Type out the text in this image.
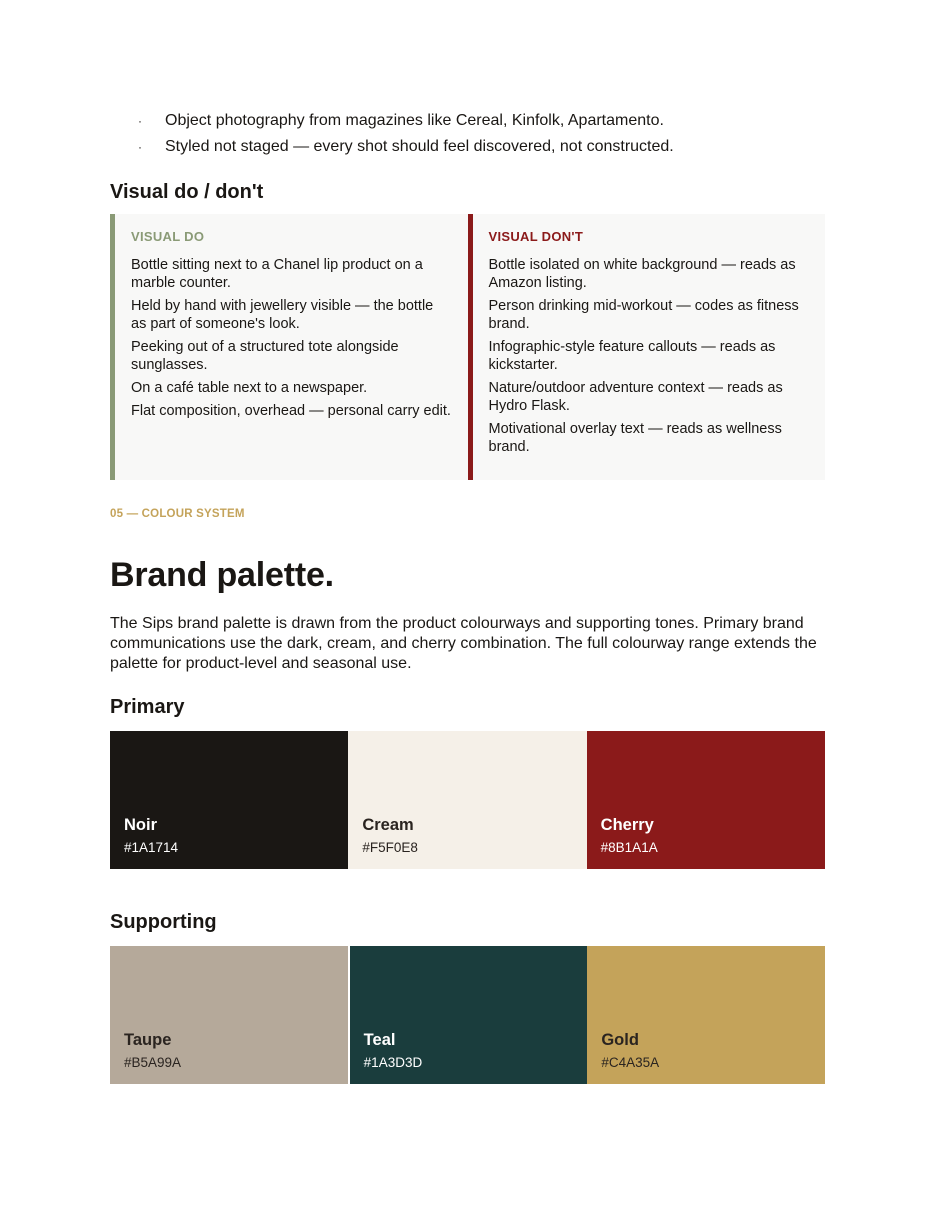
· Object photography from magazines like Cereal, Kinfolk, Apartamento.
· Styled not staged — every shot should feel discovered, not constructed.
Visual do / don't
VISUAL DO
Bottle sitting next to a Chanel lip product on a marble counter.
Held by hand with jewellery visible — the bottle as part of someone's look.
Peeking out of a structured tote alongside sunglasses.
On a café table next to a newspaper.
Flat composition, overhead — personal carry edit.
VISUAL DON'T
Bottle isolated on white background — reads as Amazon listing.
Person drinking mid-workout — codes as fitness brand.
Infographic-style feature callouts — reads as kickstarter.
Nature/outdoor adventure context — reads as Hydro Flask.
Motivational overlay text — reads as wellness brand.
05 — COLOUR SYSTEM
Brand palette.

The Sips brand palette is drawn from the product colourways and supporting tones. Primary brand communications use the dark, cream, and cherry combination. The full colourway range extends the palette for product-level and seasonal use.

Primary
Noir
#1A1714
Cream
#F5F0E8
Cherry
#8B1A1A
Supporting
Taupe
#B5A99A
Teal
#1A3D3D
Gold
#C4A35A
